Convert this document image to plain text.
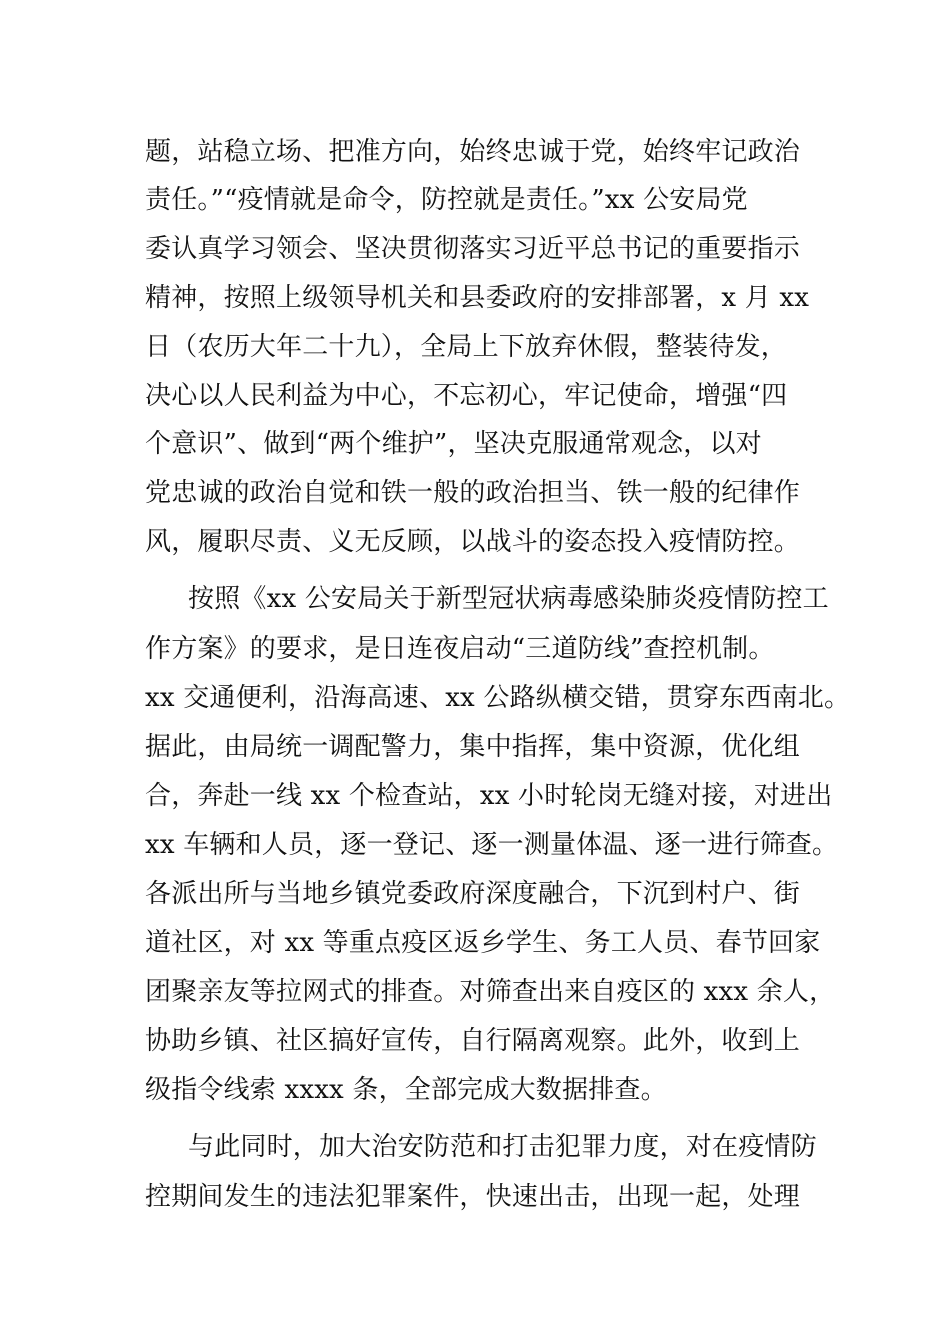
题，站稳立场、把准方向，始终忠诚于党，始终牢记政治
责任。”“疫情就是命令，防控就是责任。”xx 公安局党
委认真学习领会、坚决贯彻落实习近平总书记的重要指示
精神，按照上级领导机关和县委政府的安排部署，x 月 xx
日（农历大年二十九），全局上下放弃休假，整装待发，
决心以人民利益为中心，不忘初心，牢记使命，增强“四
个意识”、做到“两个维护”，坚决克服通常观念，以对
党忠诚的政治自觉和铁一般的政治担当、铁一般的纪律作
风，履职尽责、义无反顾，以战斗的姿态投入疫情防控。
按照《xx 公安局关于新型冠状病毒感染肺炎疫情防控工
作方案》的要求，是日连夜启动“三道防线”查控机制。
xx 交通便利，沿海高速、xx 公路纵横交错，贯穿东西南北。
据此，由局统一调配警力，集中指挥，集中资源，优化组
合，奔赴一线 xx 个检查站，xx 小时轮岗无缝对接，对进出
xx 车辆和人员，逐一登记、逐一测量体温、逐一进行筛查。
各派出所与当地乡镇党委政府深度融合，下沉到村户、街
道社区，对 xx 等重点疫区返乡学生、务工人员、春节回家
团聚亲友等拉网式的排查。对筛查出来自疫区的 xxx 余人，
协助乡镇、社区搞好宣传，自行隔离观察。此外，收到上
级指令线索 xxxx 条，全部完成大数据排查。
与此同时，加大治安防范和打击犯罪力度，对在疫情防
控期间发生的违法犯罪案件，快速出击，出现一起，处理
